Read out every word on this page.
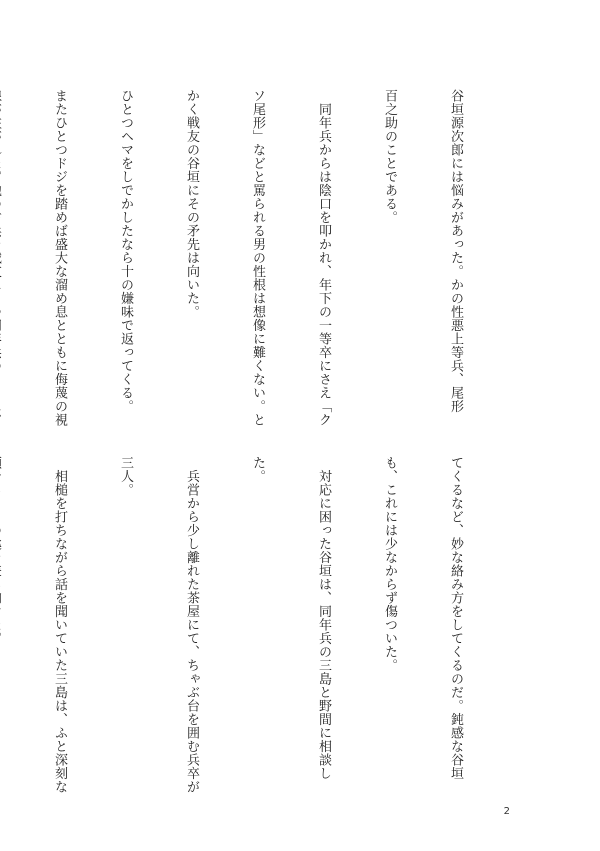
谷垣源次郎には悩みがあった。かの性悪上等兵、尾形

百之助のことである。

　同年兵からは陰口を叩かれ、年下の一等卒にさえ「ク

ソ尾形」などと罵られる男の性根は想像に難くない。と

かく戦友の谷垣にその矛先は向いた。

ひとつヘマをしでかしたなら十の嫌味で返ってくる。

またひとつドジを踏めば盛大な溜め息とともに侮蔑の視

てくるなど、妙な絡み方をしてくるのだ。鈍感な谷垣

も、これには少なからず傷ついた。

　対応に困った谷垣は、同年兵の三島と野間に相談し

た。

　兵営から少し離れた茶屋にて、ちゃぶ台を囲む兵卒が

三人。

　相槌を打ちながら話を聞いていた三島は、ふと深刻な

2
